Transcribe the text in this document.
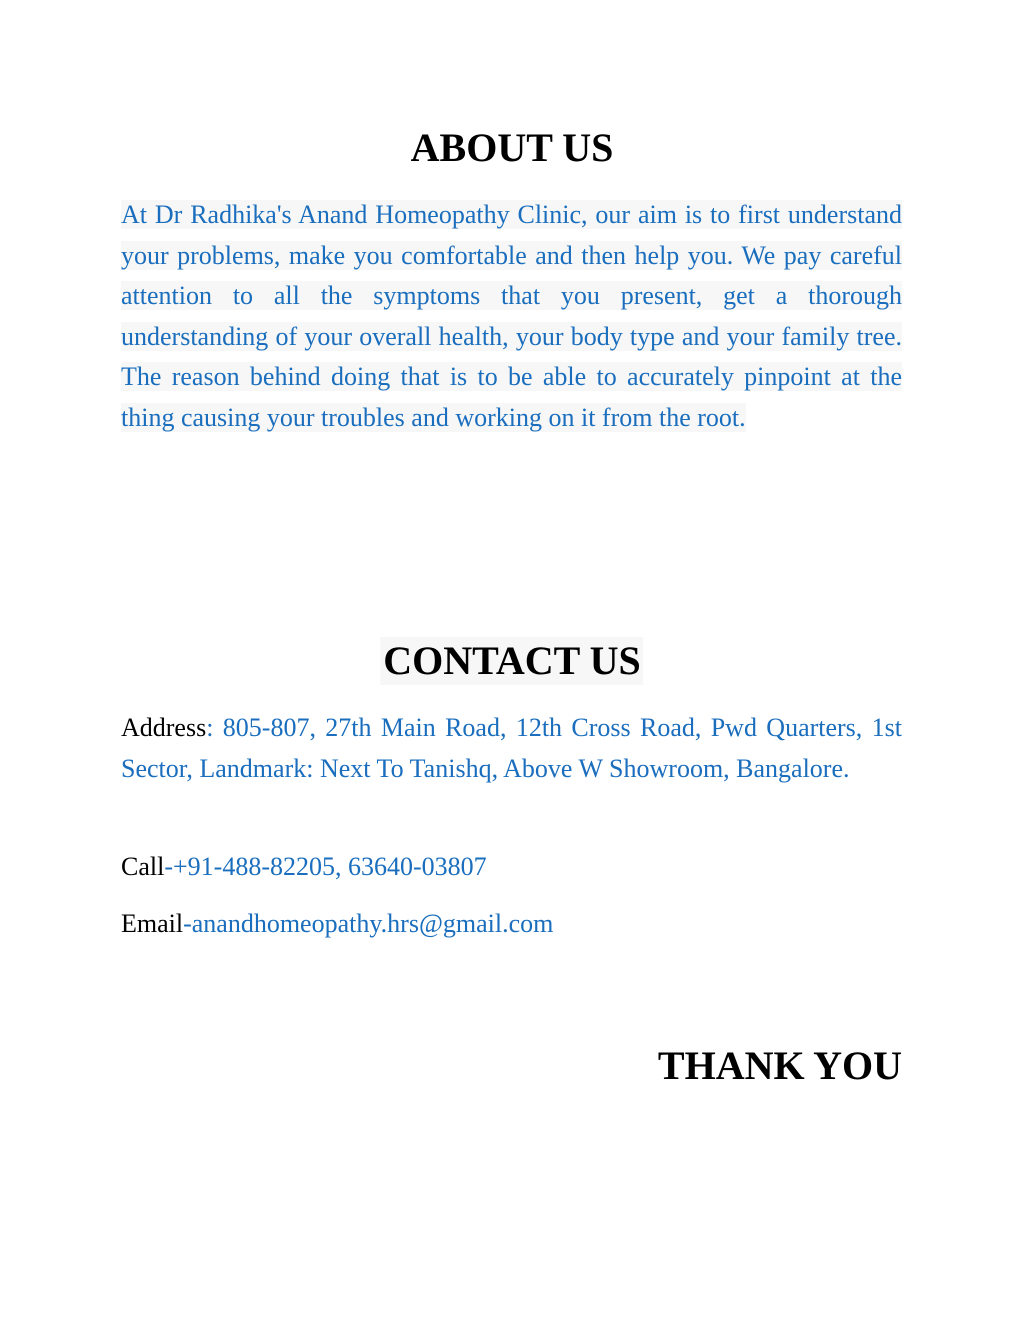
ABOUT US

At Dr Radhika's Anand Homeopathy Clinic, our aim is to first understand your problems, make you comfortable and then help you. We pay careful attention to all the symptoms that you present, get a thorough understanding of your overall health, your body type and your family tree. The reason behind doing that is to be able to accurately pinpoint at the thing causing your troubles and working on it from the root.

CONTACT US

Address: 805-807, 27th Main Road, 12th Cross Road, Pwd Quarters, 1st Sector, Landmark: Next To Tanishq, Above W Showroom, Bangalore.

Call-+91-488-82205, 63640-03807

Email-anandhomeopathy.hrs@gmail.com

THANK YOU
